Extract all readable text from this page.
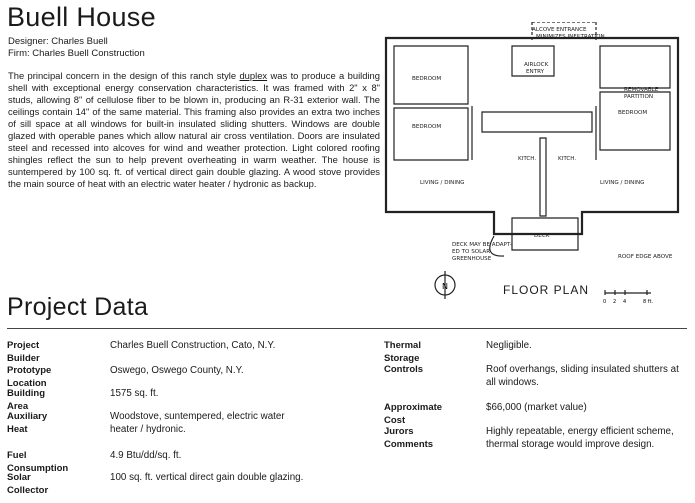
Buell House
Designer: Charles Buell
Firm: Charles Buell Construction
The principal concern in the design of this ranch style duplex was to produce a building shell with exceptional energy conservation characteristics. It was framed with 2" x 8" studs, allowing 8" of cellulose fiber to be blown in, producing an R-31 exterior wall. The ceilings contain 14" of the same material. This framing also provides an extra two inches of sill space at all windows for built-in insulated sliding shutters. Windows are double glazed with operable panes which allow natural air cross ventilation. Doors are insulated steel and recessed into alcoves for wind and weather protection. Light colored roofing shingles reflect the sun to help prevent overheating in warm weather. The house is suntempered by 100 sq. ft. of vertical direct gain double glazing. A wood stove provides the main source of heat with an electric water heater / hydronic as backup.
ALCOVE ENTRANCE
MINIMIZES INFILTRATION
AIRLOCK
ENTRY
BEDROOM
BEDROOM
BEDROOM
REMOVABLE
PARTITION
KITCH.	KITCH.
LIVING / DINING	LIVING / DINING
DECK
DECK MAY BE ADAPT-
ED TO SOLAR
GREENHOUSE	ROOF EDGE ABOVE
N	FLOOR PLAN
0 2 4	8 ft.
Project Data
Project Builder
Charles Buell Construction, Cato, N.Y.
Prototype Location
Oswego, Oswego County, N.Y.
Building Area
1575 sq. ft.
Auxiliary Heat
Woodstove, suntempered, electric water heater / hydronic.
Fuel Consumption
4.9 Btu/dd/sq. ft.
Solar Collector
100 sq. ft. vertical direct gain double glazing.
Thermal Storage
Negligible.
Controls	Roof overhangs, sliding insulated shutters at all windows.
Approximate Cost
$66,000 (market value)
Jurors Comments
Highly repeatable, energy efficient scheme, thermal storage would improve design.
